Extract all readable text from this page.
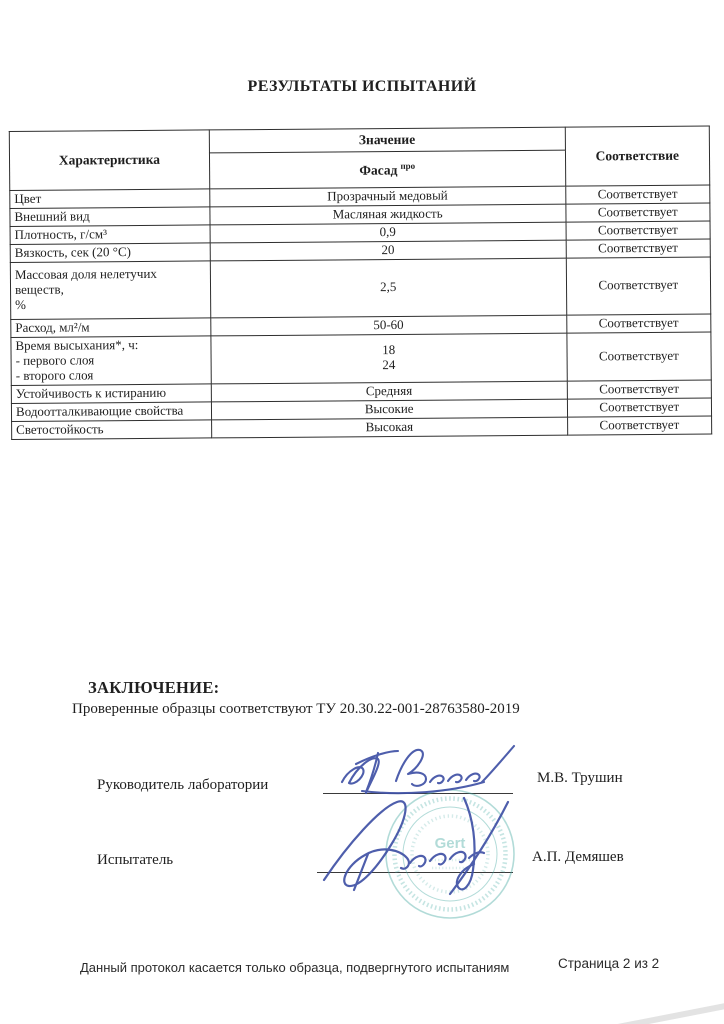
РЕЗУЛЬТАТЫ ИСПЫТАНИЙ
Характеристика	Значение	Соответствие
	Фасад $^{про}$
Цвет	Прозрачный медовый	Соответствует
Внешний вид	Масляная жидкость	Соответствует
Плотность, г/см³	0,9	Соответствует
Вязкость, сек (20 °С)	20	Соответствует
Массовая доля нелетучих веществ,
%	2,5	Соответствует
Расход, мл²/м	50-60	Соответствует
Время высыхания*, ч:
- первого слоя
- второго слоя	18
24	Соответствует
Устойчивость к истиранию	Средняя	Соответствует
Водоотталкивающие свойства	Высокие	Соответствует
Светостойкость	Высокая	Соответствует
ЗАКЛЮЧЕНИЕ:
Проверенные образцы соответствуют ТУ 20.30.22-001-28763580-2019
Gert
Руководитель лаборатории	М.В. Трушин
Испытатель	А.П. Демяшев
Данный протокол касается только образца, подвергнутого испытаниям	Страница 2 из 2
